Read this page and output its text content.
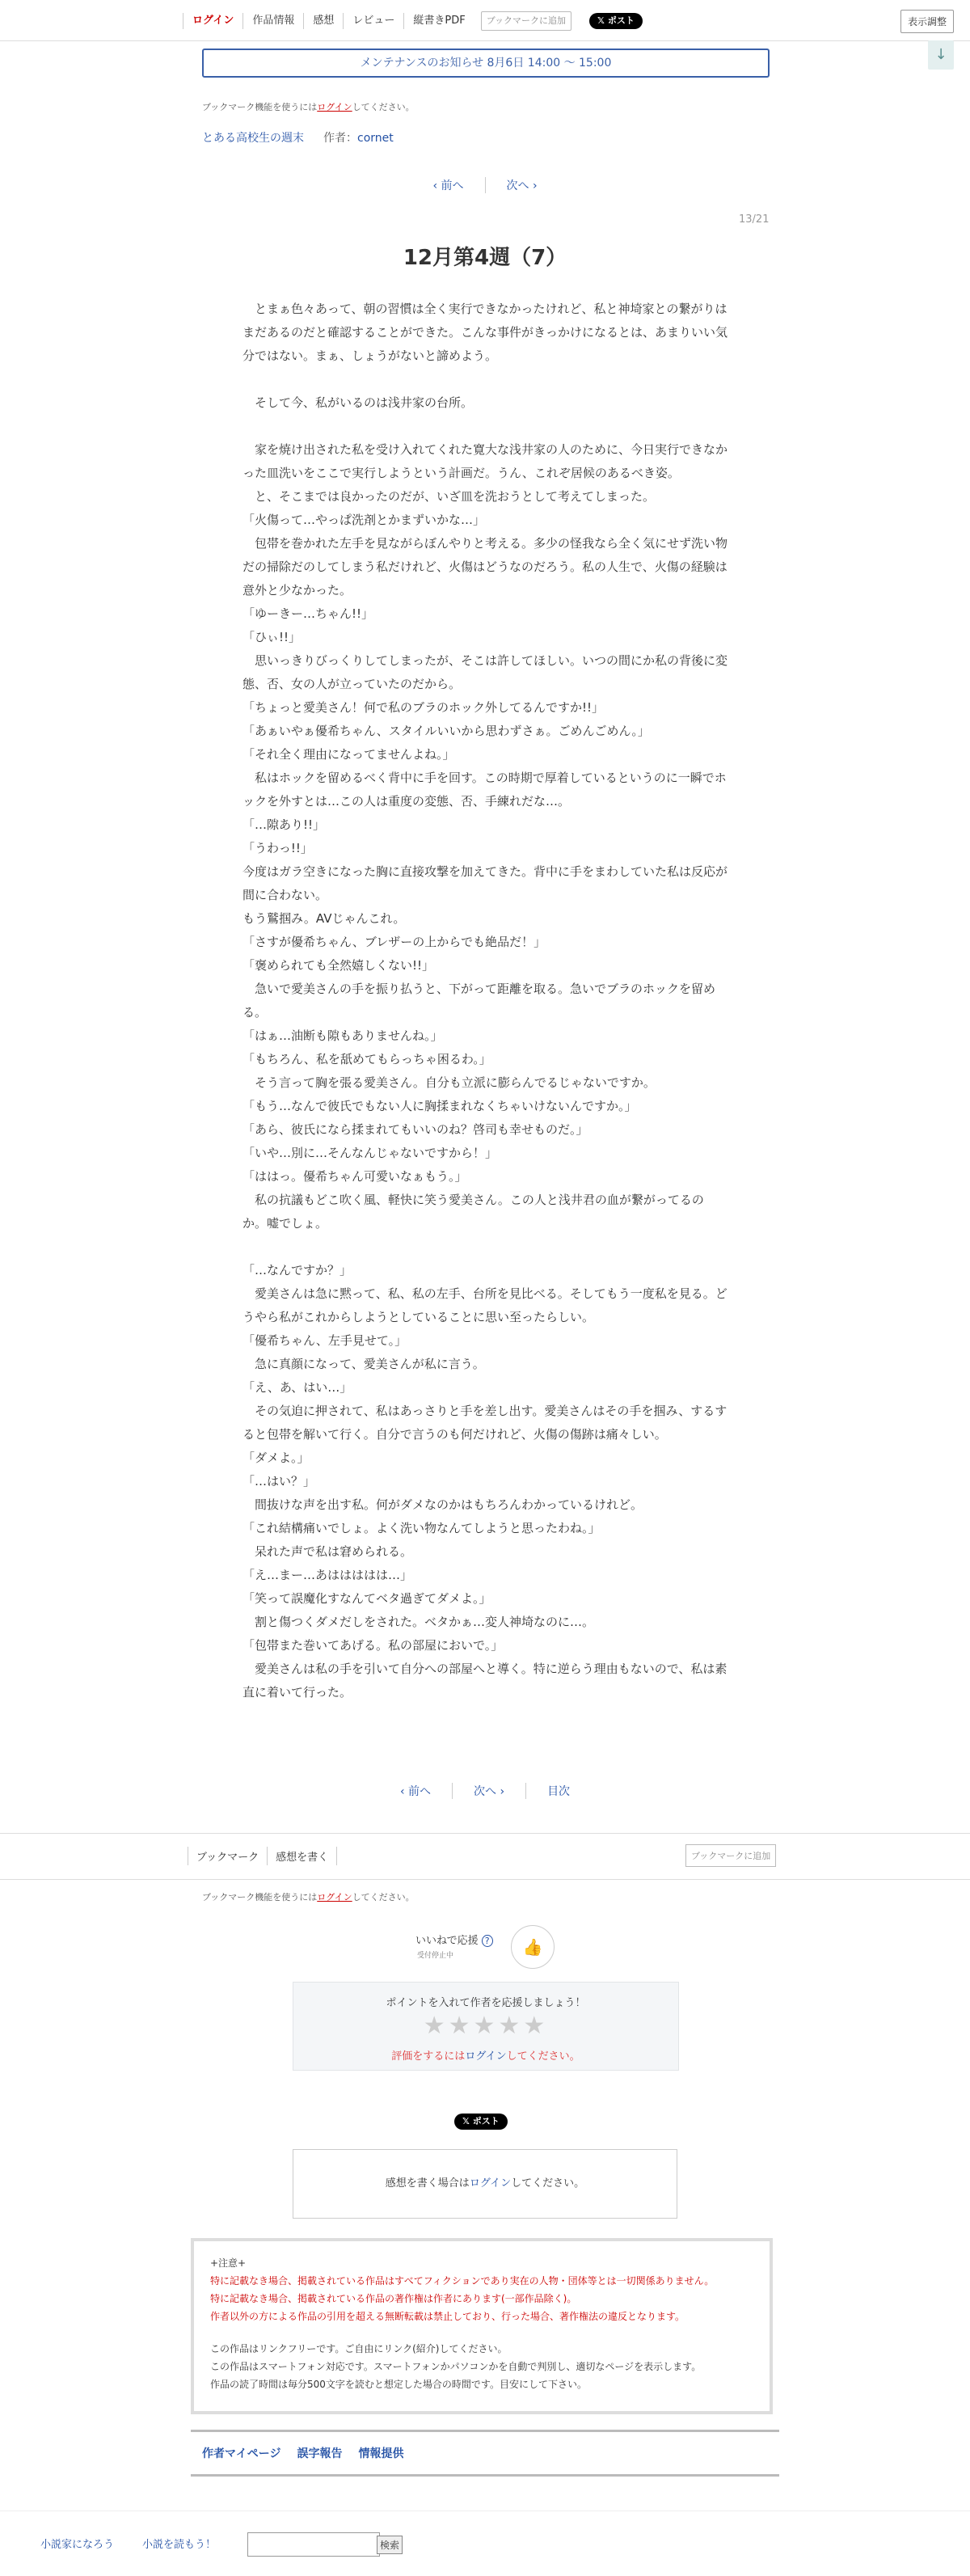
ログイン	作品情報	感想	レビュー	縦書きPDF	ブックマークに追加	𝕏 ポスト	表示調整
↓
メンテナンスのお知らせ 8月6日 14:00 〜 15:00
ブックマーク機能を使うにはログインしてください。
とある高校生の週末 作者：cornet
‹ 前へ	次へ ›
13/21
12月第4週（7）

　とまぁ色々あって、朝の習慣は全く実行できなかったけれど、私と神埼家との繋がりはまだあるのだと確認することができた。こんな事件がきっかけになるとは、あまりいい気分ではない。まぁ、しょうがないと諦めよう。

　そして今、私がいるのは浅井家の台所。

　家を焼け出された私を受け入れてくれた寛大な浅井家の人のために、今日実行できなかった皿洗いをここで実行しようという計画だ。うん、これぞ居候のあるべき姿。

　と、そこまでは良かったのだが、いざ皿を洗おうとして考えてしまった。

「火傷って…やっぱ洗剤とかまずいかな…」

　包帯を巻かれた左手を見ながらぼんやりと考える。多少の怪我なら全く気にせず洗い物だの掃除だのしてしまう私だけれど、火傷はどうなのだろう。私の人生で、火傷の経験は意外と少なかった。

「ゆーきー…ちゃん!!」

「ひぃ!!」

　思いっきりびっくりしてしまったが、そこは許してほしい。いつの間にか私の背後に変態、否、女の人が立っていたのだから。

「ちょっと愛美さん！何で私のブラのホック外してるんですか!!」

「あぁいやぁ優希ちゃん、スタイルいいから思わずさぁ。ごめんごめん。」

「それ全く理由になってませんよね。」

　私はホックを留めるべく背中に手を回す。この時期で厚着しているというのに一瞬でホックを外すとは…この人は重度の変態、否、手練れだな…。

「…隙あり!!」

「うわっ!!」

今度はガラ空きになった胸に直接攻撃を加えてきた。背中に手をまわしていた私は反応が間に合わない。

もう鷲掴み。AVじゃんこれ。

「さすが優希ちゃん、ブレザーの上からでも絶品だ！」

「褒められても全然嬉しくない!!」

　急いで愛美さんの手を振り払うと、下がって距離を取る。急いでブラのホックを留める。

「はぁ…油断も隙もありませんね。」

「もちろん、私を舐めてもらっちゃ困るわ。」

　そう言って胸を張る愛美さん。自分も立派に膨らんでるじゃないですか。

「もう…なんで彼氏でもない人に胸揉まれなくちゃいけないんですか。」

「あら、彼氏になら揉まれてもいいのね？啓司も幸せものだ。」

「いや…別に…そんなんじゃないですから！」

「ははっ。優希ちゃん可愛いなぁもう。」

　私の抗議もどこ吹く風、軽快に笑う愛美さん。この人と浅井君の血が繋がってるのか。嘘でしょ。

「…なんですか？」

　愛美さんは急に黙って、私、私の左手、台所を見比べる。そしてもう一度私を見る。どうやら私がこれからしようとしていることに思い至ったらしい。

「優希ちゃん、左手見せて。」

　急に真顔になって、愛美さんが私に言う。

「え、あ、はい…」

　その気迫に押されて、私はあっさりと手を差し出す。愛美さんはその手を掴み、するすると包帯を解いて行く。自分で言うのも何だけれど、火傷の傷跡は痛々しい。

「ダメよ。」

「…はい？」

　間抜けな声を出す私。何がダメなのかはもちろんわかっているけれど。

「これ結構痛いでしょ。よく洗い物なんてしようと思ったわね。」

　呆れた声で私は窘められる。

「え…まー…あははははは…」

「笑って誤魔化すなんてベタ過ぎてダメよ。」

　割と傷つくダメだしをされた。ベタかぁ…変人神埼なのに…。

「包帯また巻いてあげる。私の部屋においで。」

　愛美さんは私の手を引いて自分への部屋へと導く。特に逆らう理由もないので、私は素直に着いて行った。

‹ 前へ	次へ ›	目次
ブックマーク	感想を書く	ブックマークに追加
ブックマーク機能を使うにはログインしてください。
いいねで応援 ?
受付停止中	👍
ポイントを入れて作者を応援しましょう！
★★★★★
評価をするにはログインしてください。
𝕏 ポスト
感想を書く場合はログインしてください。
+注意+
特に記載なき場合、掲載されている作品はすべてフィクションであり実在の人物・団体等とは一切関係ありません。
特に記載なき場合、掲載されている作品の著作権は作者にあります(一部作品除く)。
作者以外の方による作品の引用を超える無断転載は禁止しており、行った場合、著作権法の違反となります。
この作品はリンクフリーです。ご自由にリンク(紹介)してください。
この作品はスマートフォン対応です。スマートフォンかパソコンかを自動で判別し、適切なページを表示します。
作品の読了時間は毎分500文字を読むと想定した場合の時間です。目安にして下さい。
作者マイページ 誤字報告 情報提供
小説家になろう	小説を読もう！	検索
